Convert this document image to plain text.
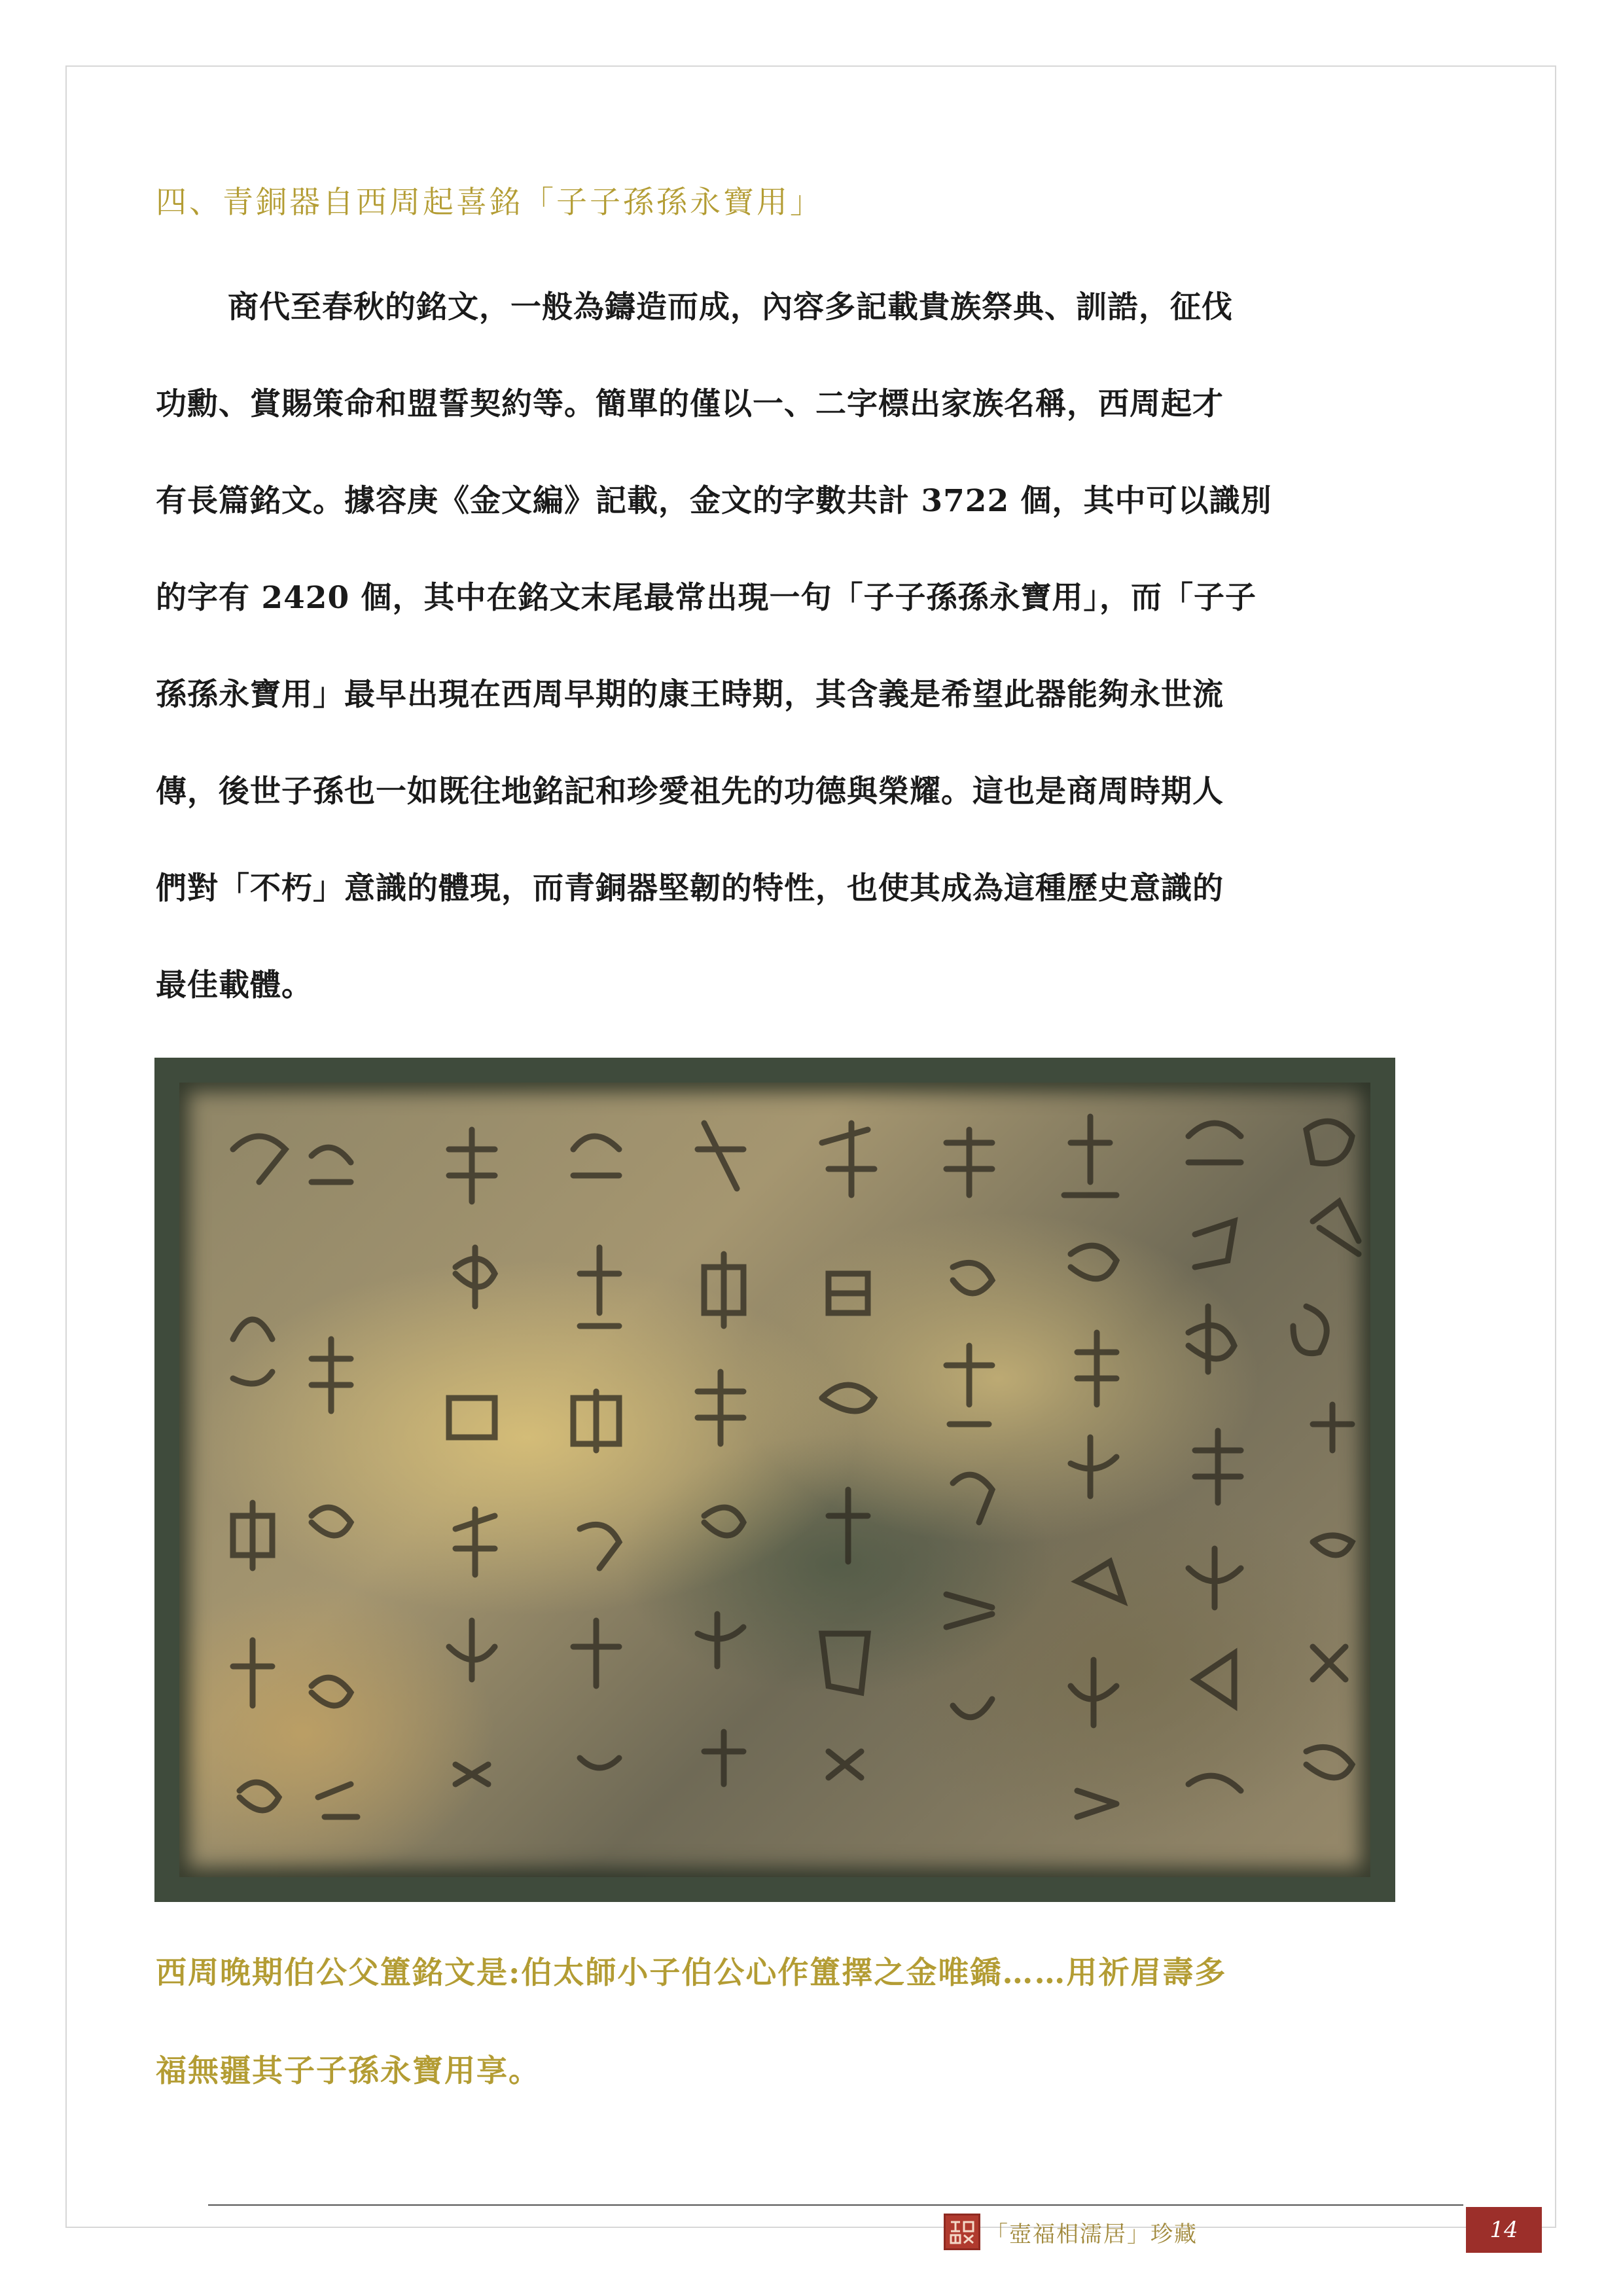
四、青銅器自西周起喜銘「子子孫孫永寶用」
商代至春秋的銘文，一般為鑄造而成，內容多記載貴族祭典、訓誥，征伐
功勳、賞賜策命和盟誓契約等。簡單的僅以一、二字標出家族名稱，西周起才
有長篇銘文。據容庚《金文編》記載，金文的字數共計 3722 個，其中可以識別
的字有 2420 個，其中在銘文末尾最常出現一句「子子孫孫永寶用」，而「子子
孫孫永寶用」最早出現在西周早期的康王時期，其含義是希望此器能夠永世流
傳，後世子孫也一如既往地銘記和珍愛祖先的功德與榮耀。這也是商周時期人
們對「不朽」意識的體現，而青銅器堅韌的特性，也使其成為這種歷史意識的
最佳載體。
西周晚期伯公父簠銘文是:伯太師小子伯公心作簠擇之金唯鐈……用祈眉壽多
福無疆其子子孫永寶用享。
「壺福相濡居」珍藏	14
